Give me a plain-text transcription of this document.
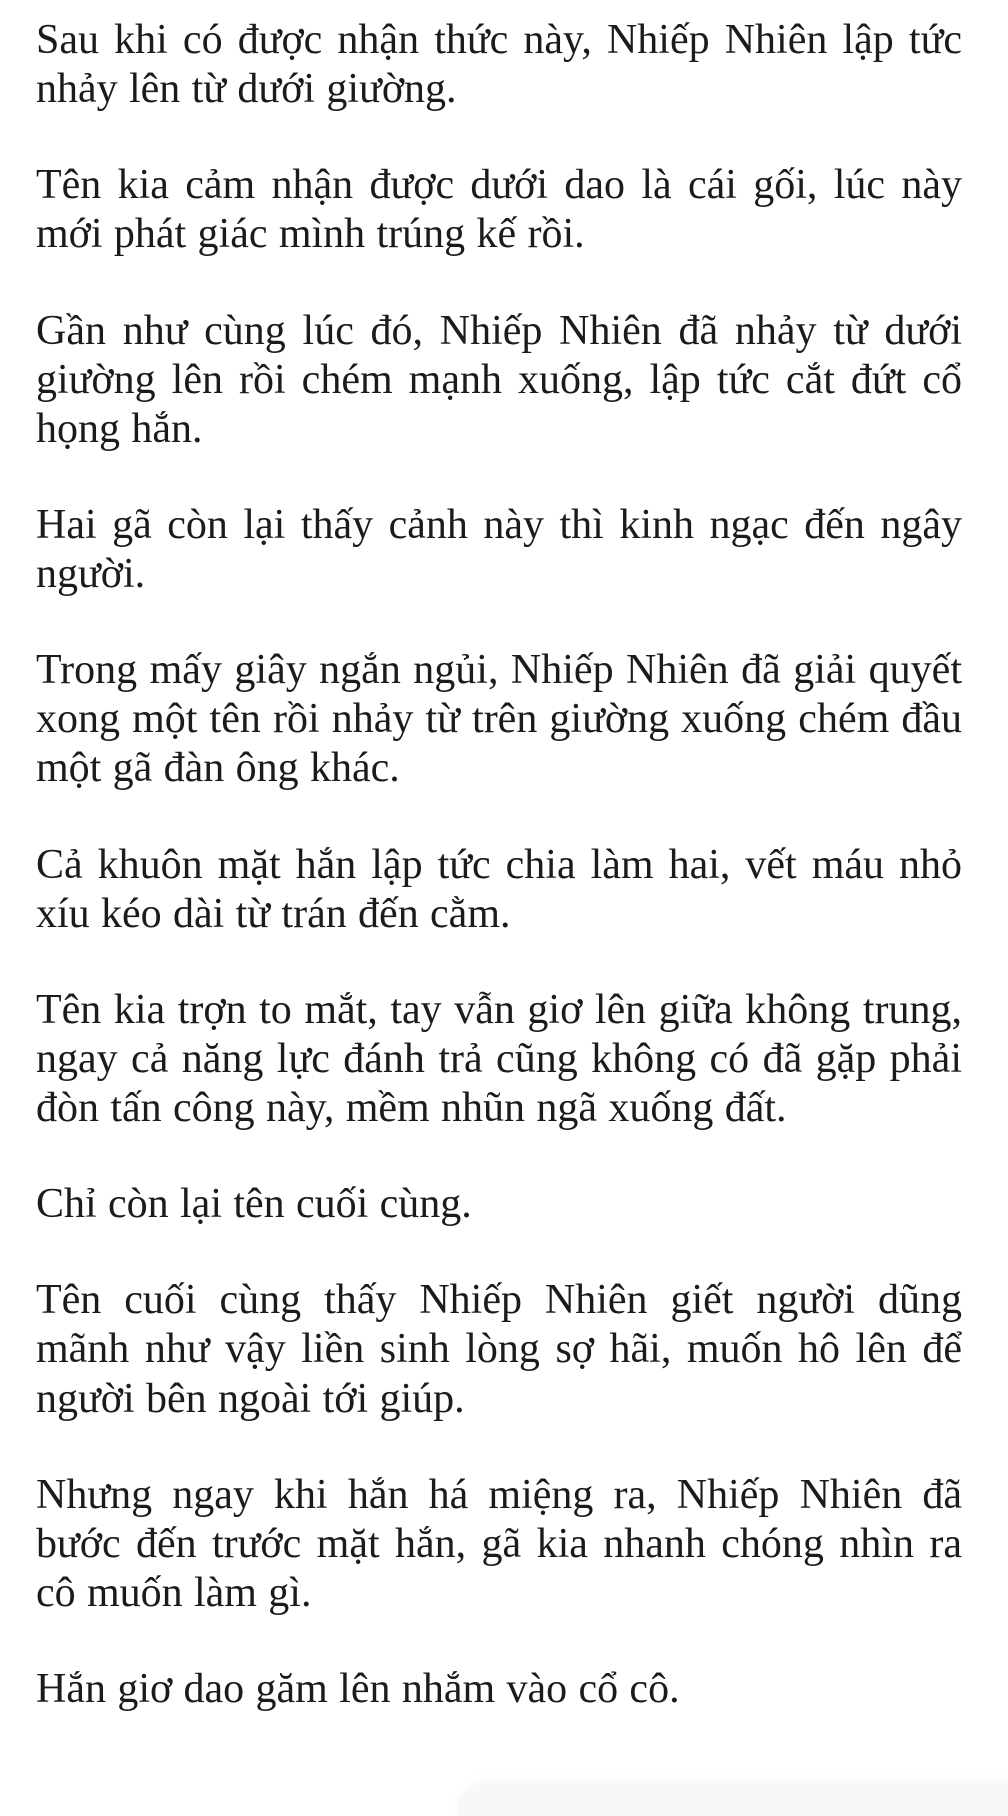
Sau khi có được nhận thức này, Nhiếp Nhiên lập tức nhảy lên từ dưới giường.

Tên kia cảm nhận được dưới dao là cái gối, lúc này mới phát giác mình trúng kế rồi.

Gần như cùng lúc đó, Nhiếp Nhiên đã nhảy từ dưới giường lên rồi chém mạnh xuống, lập tức cắt đứt cổ họng hắn.

Hai gã còn lại thấy cảnh này thì kinh ngạc đến ngây người.

Trong mấy giây ngắn ngủi, Nhiếp Nhiên đã giải quyết xong một tên rồi nhảy từ trên giường xuống chém đầu một gã đàn ông khác.

Cả khuôn mặt hắn lập tức chia làm hai, vết máu nhỏ xíu kéo dài từ trán đến cằm.

Tên kia trợn to mắt, tay vẫn giơ lên giữa không trung, ngay cả năng lực đánh trả cũng không có đã gặp phải đòn tấn công này, mềm nhũn ngã xuống đất.

Chỉ còn lại tên cuối cùng.

Tên cuối cùng thấy Nhiếp Nhiên giết người dũng mãnh như vậy liền sinh lòng sợ hãi, muốn hô lên để người bên ngoài tới giúp.

Nhưng ngay khi hắn há miệng ra, Nhiếp Nhiên đã bước đến trước mặt hắn, gã kia nhanh chóng nhìn ra cô muốn làm gì.

Hắn giơ dao găm lên nhắm vào cổ cô.
